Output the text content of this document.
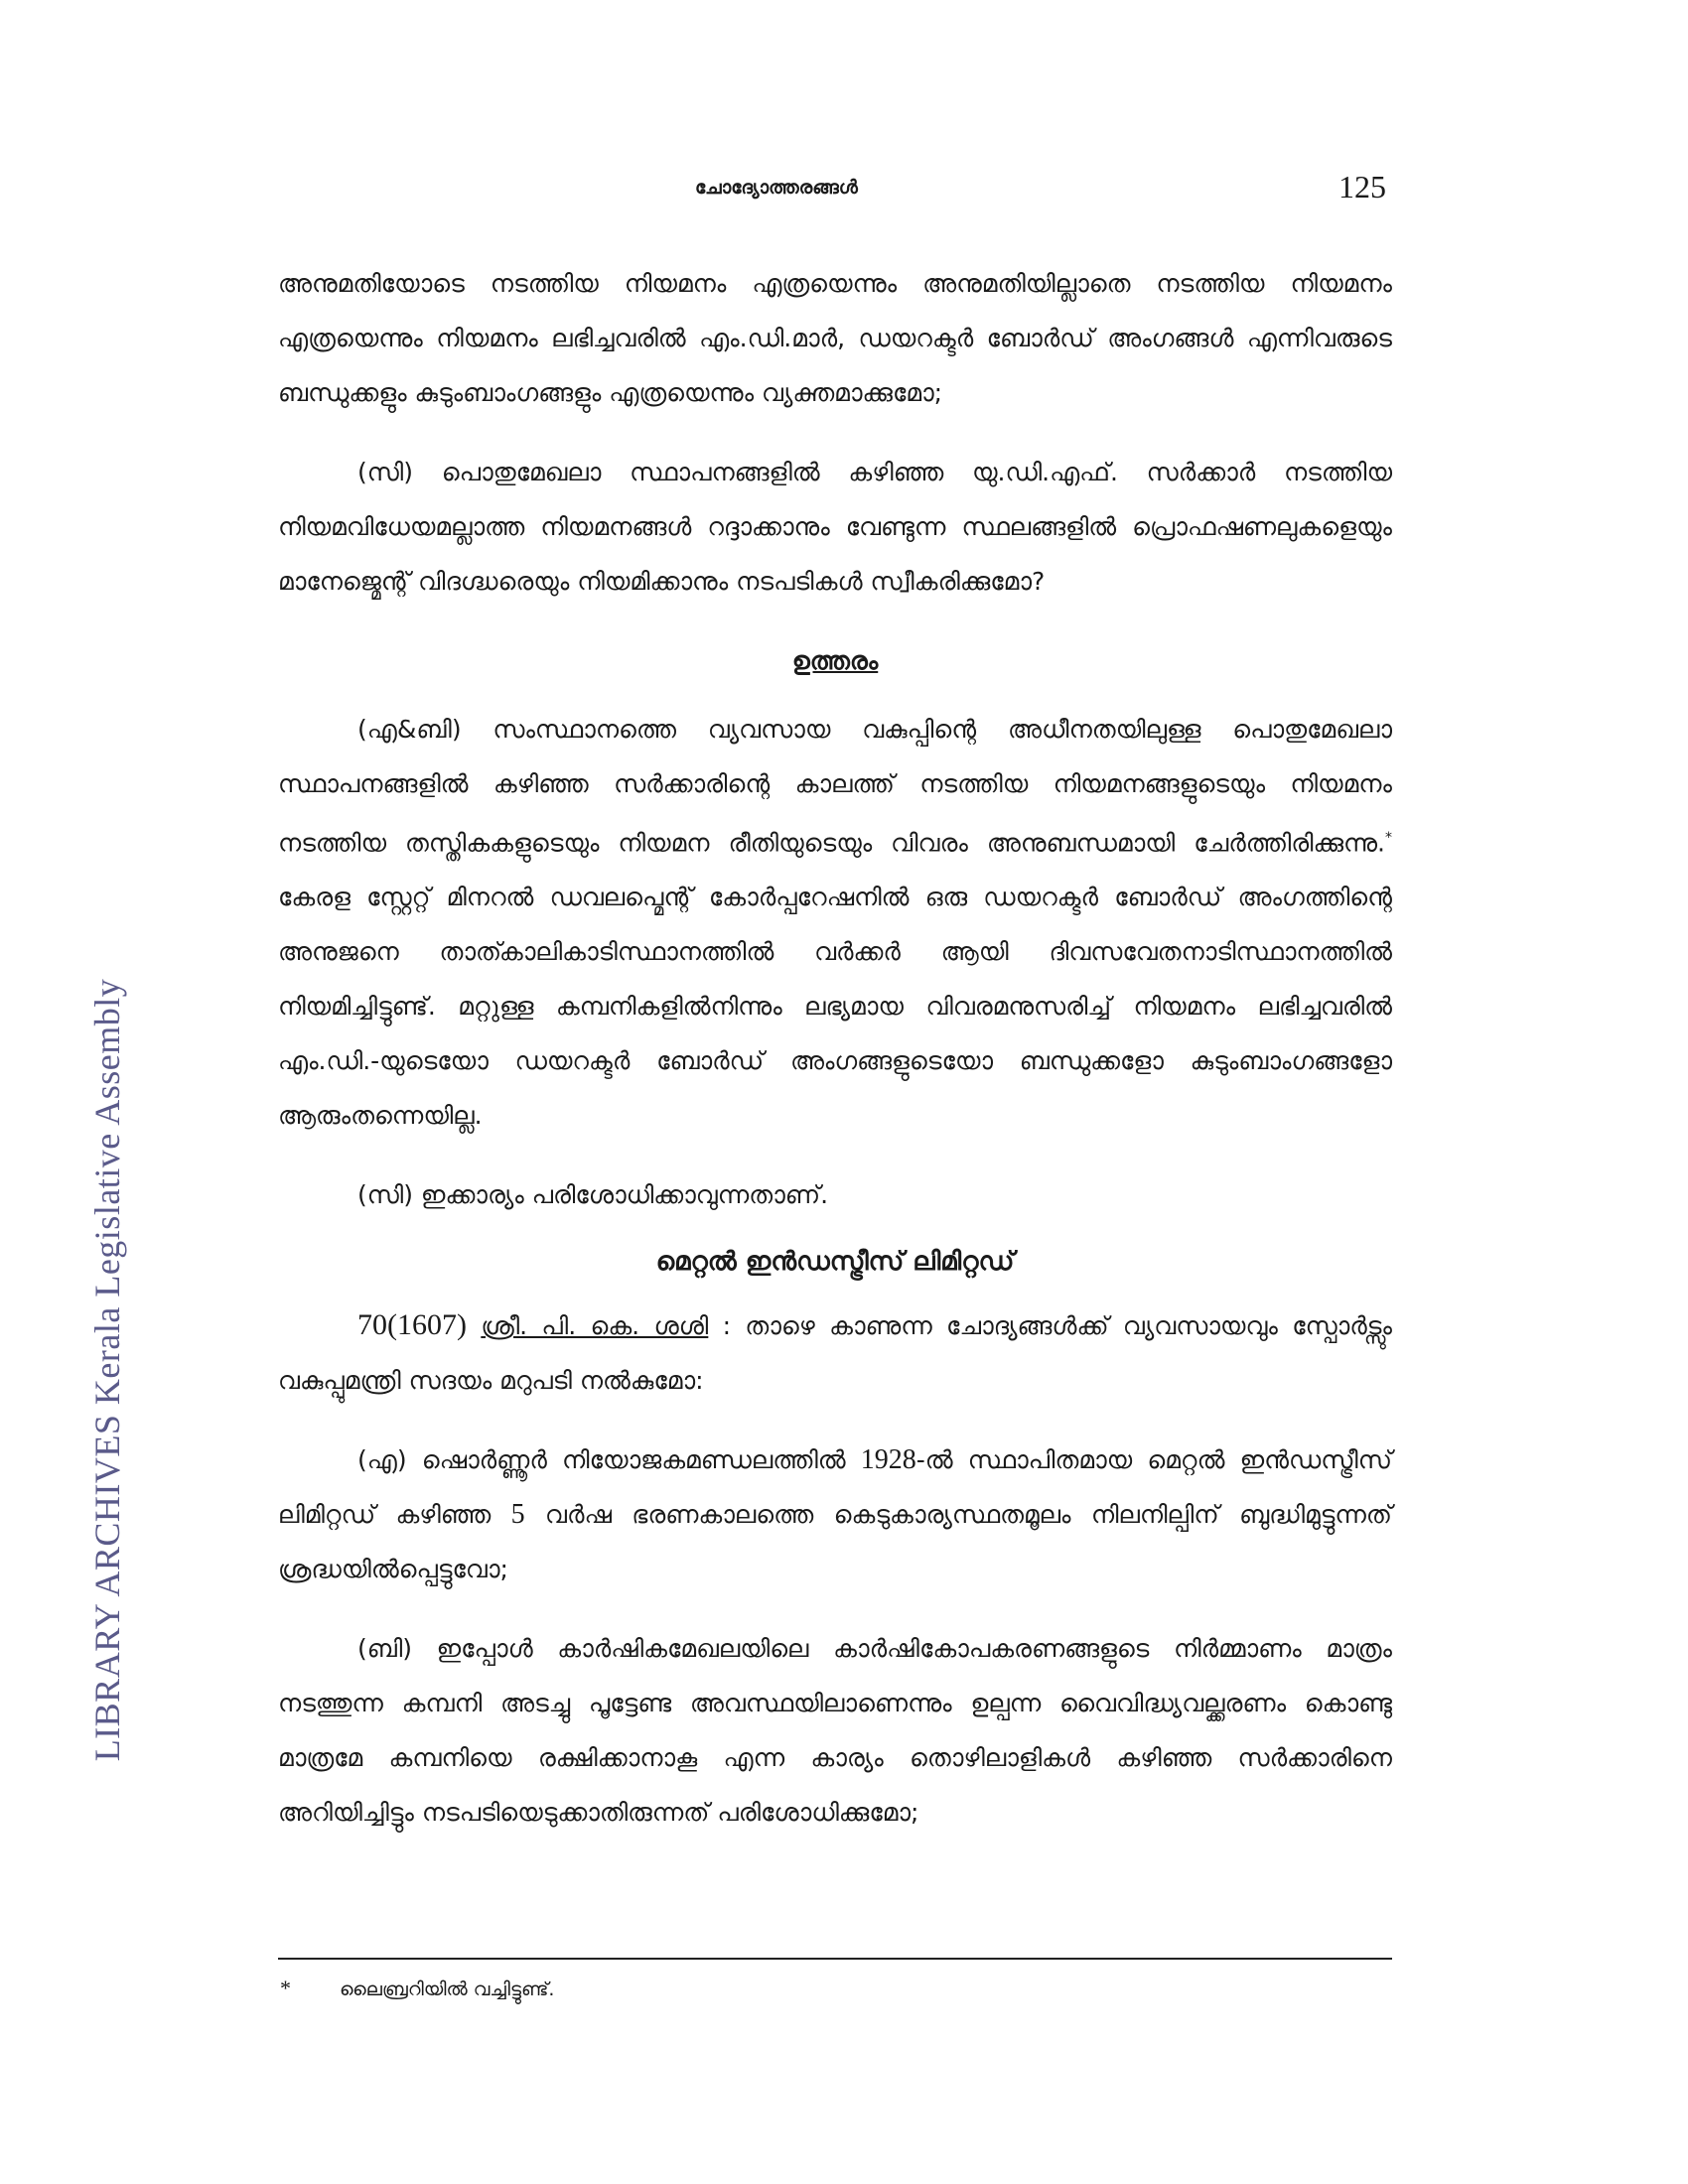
LIBRARY ARCHIVES Kerala Legislative Assembly
ചോദ്യോത്തരങ്ങൾ	125

അനുമതിയോടെ നടത്തിയ നിയമനം എത്രയെന്നും അനുമതിയില്ലാതെ നടത്തിയ നിയമനം എത്രയെന്നും നിയമനം ലഭിച്ചവരിൽ എം.ഡി.മാർ, ഡയറക്ടർ ബോർഡ് അംഗങ്ങൾ എന്നിവരുടെ ബന്ധുക്കളും കുടുംബാംഗങ്ങളും എത്രയെന്നും വ്യക്തമാക്കുമോ;

(സി) പൊതുമേഖലാ സ്ഥാപനങ്ങളിൽ കഴിഞ്ഞ യു.ഡി.എഫ്. സർക്കാർ നടത്തിയ നിയമവിധേയമല്ലാത്ത നിയമനങ്ങൾ റദ്ദാക്കാനും വേണ്ടുന്ന സ്ഥലങ്ങളിൽ പ്രൊഫഷണലുകളെയും മാനേജ്മെന്റ് വിദഗ്ദ്ധരെയും നിയമിക്കാനും നടപടികൾ സ്വീകരിക്കുമോ?

ഉത്തരം

(എ&ബി) സംസ്ഥാനത്തെ വ്യവസായ വകുപ്പിന്റെ അധീനതയിലുള്ള പൊതുമേഖലാ സ്ഥാപനങ്ങളിൽ കഴിഞ്ഞ സർക്കാരിന്റെ കാലത്ത് നടത്തിയ നിയമനങ്ങളുടെയും നിയമനം നടത്തിയ തസ്തികകളുടെയും നിയമന രീതിയുടെയും വിവരം അനുബന്ധമായി ചേർത്തിരിക്കുന്നു.* കേരള സ്റ്റേറ്റ് മിനറൽ ഡവലപ്മെന്റ് കോർപ്പറേഷനിൽ ഒരു ഡയറക്ടർ ബോർഡ് അംഗത്തിന്റെ അനുജനെ താത്കാലികാടിസ്ഥാനത്തിൽ വർക്കർ ആയി ദിവസവേതനാടിസ്ഥാനത്തിൽ നിയമിച്ചിട്ടുണ്ട്. മറ്റുള്ള കമ്പനികളിൽനിന്നും ലഭ്യമായ വിവരമനുസരിച്ച് നിയമനം ലഭിച്ചവരിൽ എം.ഡി.-യുടെയോ ഡയറക്ടർ ബോർഡ് അംഗങ്ങളുടെയോ ബന്ധുക്കളോ കുടുംബാംഗങ്ങളോ ആരുംതന്നെയില്ല.

(സി) ഇക്കാര്യം പരിശോധിക്കാവുന്നതാണ്.

മെറ്റൽ ഇൻഡസ്ട്രീസ് ലിമിറ്റഡ്

70(1607) ശ്രീ. പി. കെ. ശശി : താഴെ കാണുന്ന ചോദ്യങ്ങൾക്ക് വ്യവസായവും സ്പോർട്സും വകുപ്പുമന്ത്രി സദയം മറുപടി നൽകുമോ:

(എ) ഷൊർണ്ണൂർ നിയോജകമണ്ഡലത്തിൽ 1928-ൽ സ്ഥാപിതമായ മെറ്റൽ ഇൻഡസ്ട്രീസ് ലിമിറ്റഡ് കഴിഞ്ഞ 5 വർഷ ഭരണകാലത്തെ കെടുകാര്യസ്ഥതമൂലം നിലനില്പിന് ബുദ്ധിമുട്ടുന്നത് ശ്രദ്ധയിൽപ്പെട്ടുവോ;

(ബി) ഇപ്പോൾ കാർഷികമേഖലയിലെ കാർഷികോപകരണങ്ങളുടെ നിർമ്മാണം മാത്രം നടത്തുന്ന കമ്പനി അടച്ചു പൂട്ടേണ്ട അവസ്ഥയിലാണെന്നും ഉല്പന്ന വൈവിദ്ധ്യവല്ക്കരണം കൊണ്ടു മാത്രമേ കമ്പനിയെ രക്ഷിക്കാനാകൂ എന്ന കാര്യം തൊഴിലാളികൾ കഴിഞ്ഞ സർക്കാരിനെ അറിയിച്ചിട്ടും നടപടിയെടുക്കാതിരുന്നത് പരിശോധിക്കുമോ;

*	ലൈബ്രറിയിൽ വച്ചിട്ടുണ്ട്.
